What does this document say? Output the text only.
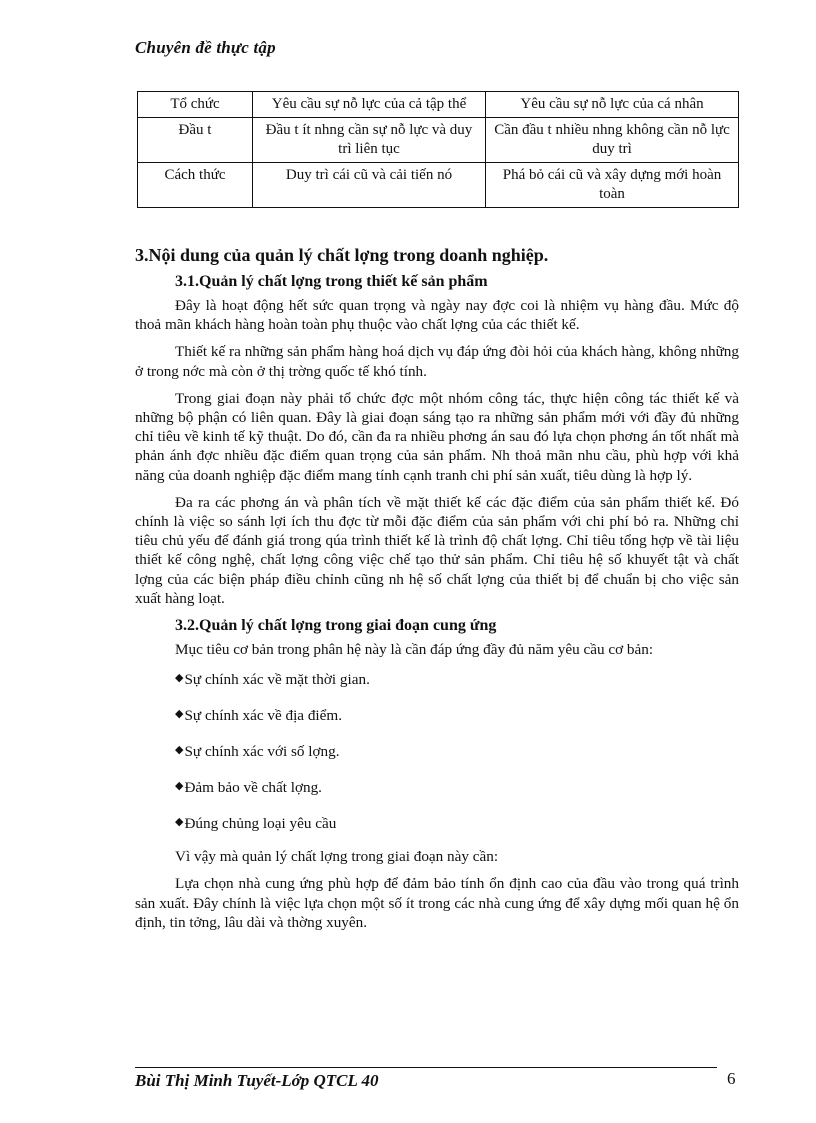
Chuyên đề thực tập
Tổ chức	Yêu cầu sự nỗ lực của cả tập thể	Yêu cầu sự nỗ lực của cá nhân
Đầu t	Đầu t ít nhng cần sự nỗ lực và duy trì liên tục	Cần đầu t nhiều nhng không cần nỗ lực duy trì
Cách thức	Duy trì cái cũ và cải tiến nó	Phá bỏ cái cũ và xây dựng mới hoàn toàn
3.Nội dung của quản lý chất lợng trong doanh nghiệp.
3.1.Quản lý chất lợng trong thiết kế sản phẩm

Đây là hoạt động hết sức quan trọng và ngày nay đợc coi là nhiệm vụ hàng đầu. Mức độ thoả mãn khách hàng hoàn toàn phụ thuộc vào chất lợng của các thiết kế.

Thiết kế ra những sản phẩm hàng hoá dịch vụ đáp ứng đòi hỏi của khách hàng, không những ở trong nớc mà còn ở thị trờng quốc tế khó tính.

Trong giai đoạn này phải tổ chức đợc một nhóm công tác, thực hiện công tác thiết kế và những bộ phận có liên quan. Đây là giai đoạn sáng tạo ra những sản phẩm mới với đầy đủ những chỉ tiêu về kinh tế kỹ thuật. Do đó, cần đa ra nhiều phơng án sau đó lựa chọn phơng án tốt nhất mà phản ánh đợc nhiều đặc điểm quan trọng của sản phẩm. Nh thoả mãn nhu cầu, phù hợp với khả năng của doanh nghiệp đặc điểm mang tính cạnh tranh chi phí sản xuất, tiêu dùng là hợp lý.

Đa ra các phơng án và phân tích về mặt thiết kế các đặc điểm của sản phẩm thiết kế. Đó chính là việc so sánh lợi ích thu đợc từ mỗi đặc điểm của sản phẩm với chi phí bỏ ra. Những chỉ tiêu chủ yếu để đánh giá trong qúa trình thiết kế là trình độ chất lợng. Chỉ tiêu tổng hợp về tài liệu thiết kế công nghệ, chất lợng công việc chế tạo thử sản phẩm. Chỉ tiêu hệ số khuyết tật và chất lợng của các biện pháp điều chỉnh cũng nh hệ số chất lợng của thiết bị để chuẩn bị cho việc sản xuất hàng loạt.

3.2.Quản lý chất lợng trong giai đoạn cung ứng

Mục tiêu cơ bản trong phân hệ này là cần đáp ứng đầy đủ năm yêu cầu cơ bản:

◆Sự chính xác về mặt thời gian.
◆Sự chính xác về địa điểm.
◆Sự chính xác với số lợng.
◆Đảm bảo về chất lợng.
◆Đúng chủng loại yêu cầu

Vì vậy mà quản lý chất lợng trong giai đoạn này cần:

Lựa chọn nhà cung ứng phù hợp để đảm bảo tính ổn định cao của đầu vào trong quá trình sản xuất. Đây chính là việc lựa chọn một số ít trong các nhà cung ứng để xây dựng mối quan hệ ổn định, tin tởng, lâu dài và thờng xuyên.

Bùi Thị Minh Tuyết-Lớp QTCL 40	6
